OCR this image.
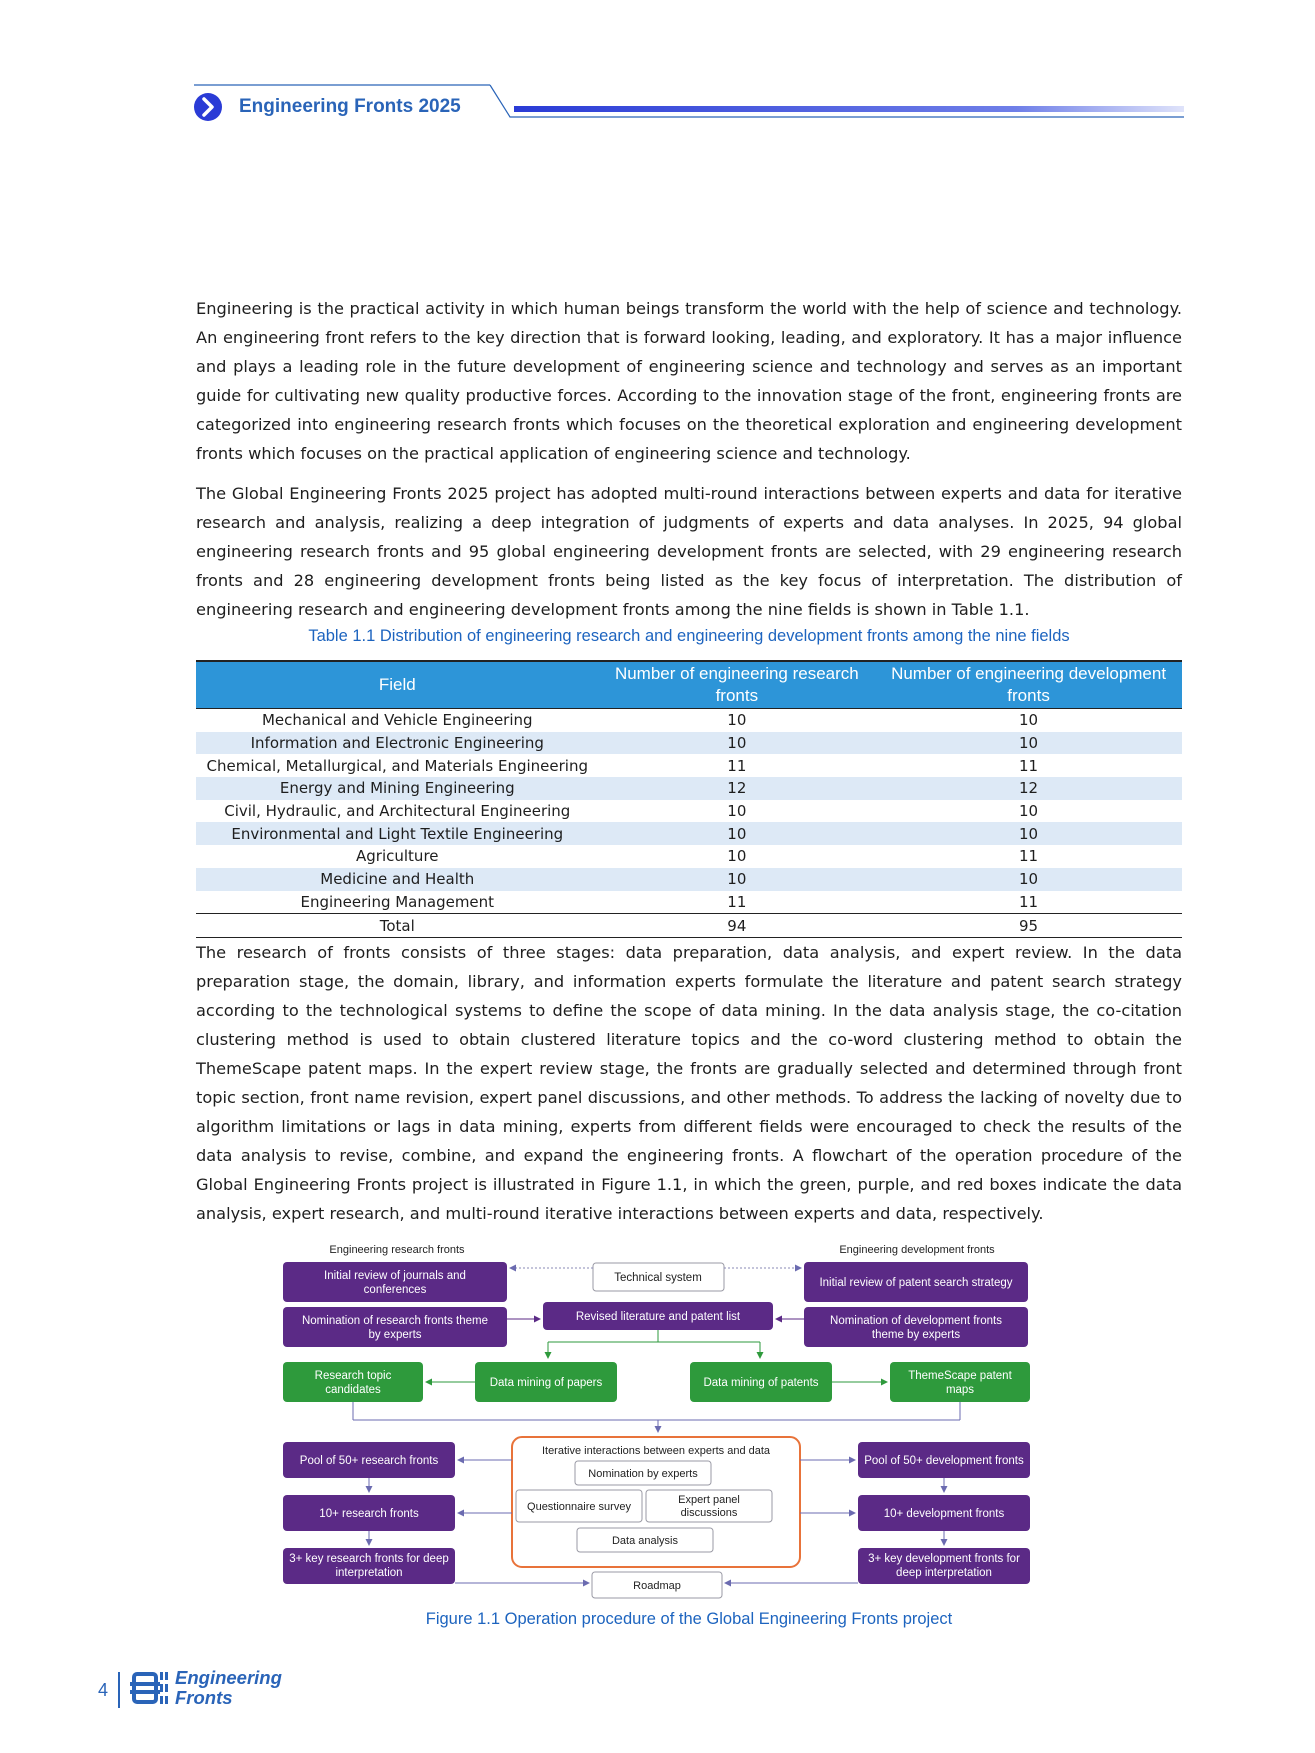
Engineering Fronts 2025

Engineering is the practical activity in which human beings transform the world with the help of science and technology. An engineering front refers to the key direction that is forward looking, leading, and exploratory. It has a major influence and plays a leading role in the future development of engineering science and technology and serves as an important guide for cultivating new quality productive forces. According to the innovation stage of the front, engineering fronts are categorized into engineering research fronts which focuses on the theoretical exploration and engineering development fronts which focuses on the practical application of engineering science and technology.

The Global Engineering Fronts 2025 project has adopted multi-round interactions between experts and data for iterative research and analysis, realizing a deep integration of judgments of experts and data analyses. In 2025, 94 global engineering research fronts and 95 global engineering development fronts are selected, with 29 engineering research fronts and 28 engineering development fronts being listed as the key focus of interpretation. The distribution of engineering research and engineering development fronts among the nine fields is shown in Table 1.1.

Table 1.1 Distribution of engineering research and engineering development fronts among the nine fields
Field	Number of engineering research fronts	Number of engineering development fronts
Mechanical and Vehicle Engineering	10	10
Information and Electronic Engineering	10	10
Chemical, Metallurgical, and Materials Engineering	11	11
Energy and Mining Engineering	12	12
Civil, Hydraulic, and Architectural Engineering	10	10
Environmental and Light Textile Engineering	10	10
Agriculture	10	11
Medicine and Health	10	10
Engineering Management	11	11
Total	94	95

The research of fronts consists of three stages: data preparation, data analysis, and expert review. In the data preparation stage, the domain, library, and information experts formulate the literature and patent search strategy according to the technological systems to define the scope of data mining. In the data analysis stage, the co-citation clustering method is used to obtain clustered literature topics and the co-word clustering method to obtain the ThemeScape patent maps. In the expert review stage, the fronts are gradually selected and determined through front topic section, front name revision, expert panel discussions, and other methods. To address the lacking of novelty due to algorithm limitations or lags in data mining, experts from different fields were encouraged to check the results of the data analysis to revise, combine, and expand the engineering fronts. A flowchart of the operation procedure of the Global Engineering Fronts project is illustrated in Figure 1.1, in which the green, purple, and red boxes indicate the data analysis, expert research, and multi-round iterative interactions between experts and data, respectively.

Engineering research fronts	Engineering development fronts
Initial review of journals and
conferences
Technical system	Initial review of patent search strategy
Nomination of research fronts theme
by experts
Revised literature and patent list	Nomination of development fronts
theme by experts
Research topic
candidates
Data mining of papers	Data mining of patents
ThemeScape patent
maps
Iterative interactions between experts and data
Nomination by experts
Questionnaire survey
Expert panel
discussions
Data analysis
Pool of 50+ research fronts
10+ research fronts
3+ key research fronts for deep
interpretation
Pool of 50+ development fronts
10+ development fronts
3+ key development fronts for
deep interpretation
Roadmap
Figure 1.1 Operation procedure of the Global Engineering Fronts project
4
Engineering
Fronts
